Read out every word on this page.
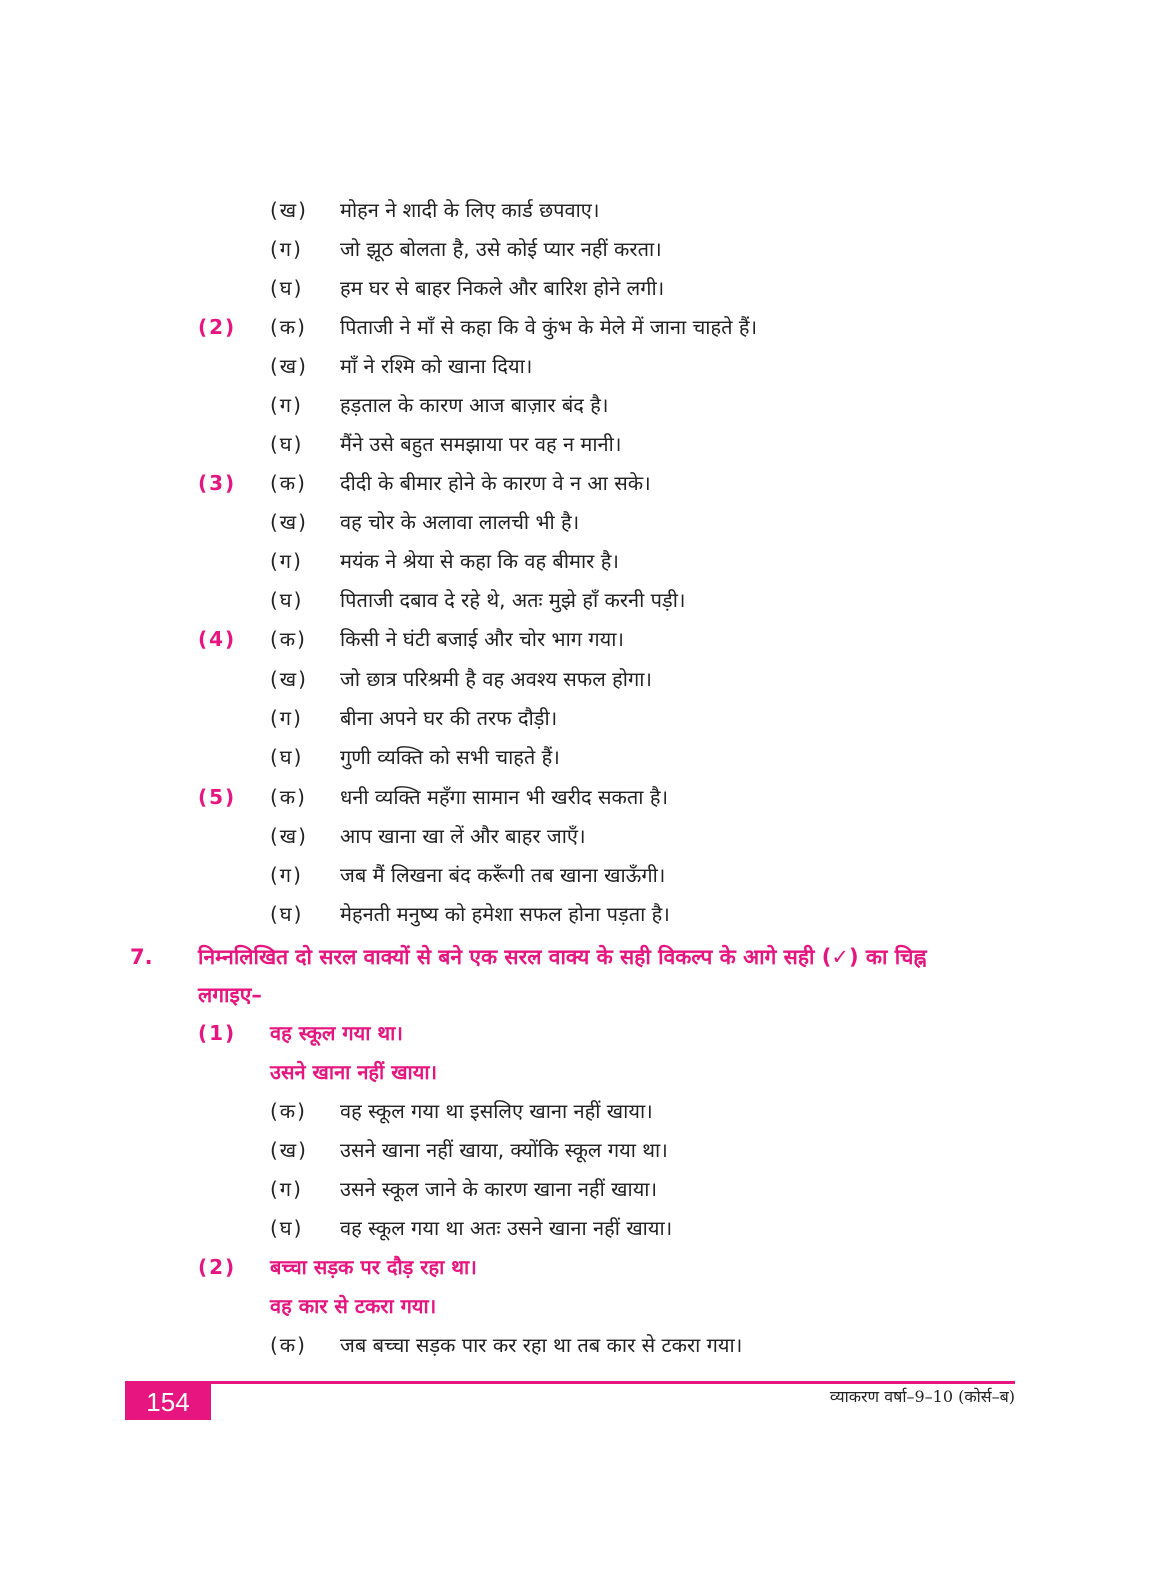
(ख) मोहन ने शादी के लिए कार्ड छपवाए।
(ग) जो झूठ बोलता है, उसे कोई प्यार नहीं करता।
(घ) हम घर से बाहर निकले और बारिश होने लगी।
(2) (क) पिताजी ने माँ से कहा कि वे कुंभ के मेले में जाना चाहते हैं।
(ख) माँ ने रश्मि को खाना दिया।
(ग) हड़ताल के कारण आज बाज़ार बंद है।
(घ) मैंने उसे बहुत समझाया पर वह न मानी।
(3) (क) दीदी के बीमार होने के कारण वे न आ सके।
(ख) वह चोर के अलावा लालची भी है।
(ग) मयंक ने श्रेया से कहा कि वह बीमार है।
(घ) पिताजी दबाव दे रहे थे, अतः मुझे हाँ करनी पड़ी।
(4) (क) किसी ने घंटी बजाई और चोर भाग गया।
(ख) जो छात्र परिश्रमी है वह अवश्य सफल होगा।
(ग) बीना अपने घर की तरफ दौड़ी।
(घ) गुणी व्यक्ति को सभी चाहते हैं।
(5) (क) धनी व्यक्ति महँगा सामान भी खरीद सकता है।
(ख) आप खाना खा लें और बाहर जाएँ।
(ग) जब मैं लिखना बंद करूँगी तब खाना खाऊँगी।
(घ) मेहनती मनुष्य को हमेशा सफल होना पड़ता है।
7. निम्नलिखित दो सरल वाक्यों से बने एक सरल वाक्य के सही विकल्प के आगे सही (✓) का चिह्न
लगाइए–
(1) वह स्कूल गया था।
उसने खाना नहीं खाया।
(क) वह स्कूल गया था इसलिए खाना नहीं खाया।
(ख) उसने खाना नहीं खाया, क्योंकि स्कूल गया था।
(ग) उसने स्कूल जाने के कारण खाना नहीं खाया।
(घ) वह स्कूल गया था अतः उसने खाना नहीं खाया।
(2) बच्चा सड़क पर दौड़ रहा था।
वह कार से टकरा गया।
(क) जब बच्चा सड़क पार कर रहा था तब कार से टकरा गया।
154	व्याकरण वर्षा–9–10 (कोर्स–ब)
